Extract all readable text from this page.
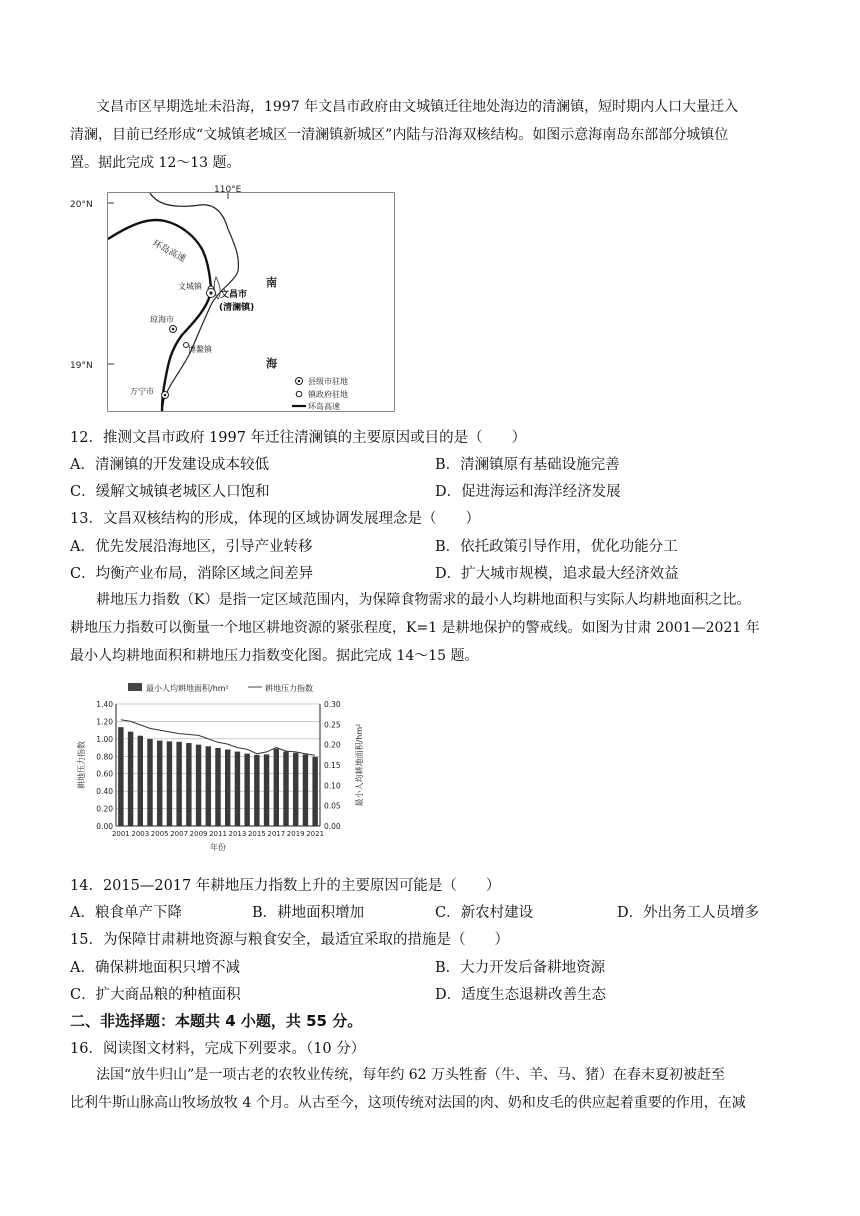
文昌市区早期选址未沿海，1997 年文昌市政府由文城镇迁往地处海边的清澜镇，短时期内人口大量迁入
清澜，目前已经形成“文城镇老城区一清澜镇新城区”内陆与沿海双核结构。如图示意海南岛东部部分城镇位
置。据此完成 12～13 题。
20°N
19°N
110°E
环岛高速
文城镇
文昌市
(清澜镇)
琼海市
博鳌镇
万宁市
南
海
县级市驻地
镇政府驻地
环岛高速
12．推测文昌市政府 1997 年迁往清澜镇的主要原因或目的是（　　）
A．清澜镇的开发建设成本较低	B．清澜镇原有基础设施完善
C．缓解文城镇老城区人口饱和	D．促进海运和海洋经济发展
13．文昌双核结构的形成，体现的区域协调发展理念是（　　）
A．优先发展沿海地区，引导产业转移	B．依托政策引导作用，优化功能分工
C．均衡产业布局，消除区域之间差异	D．扩大城市规模，追求最大经济效益
耕地压力指数（K）是指一定区域范围内，为保障食物需求的最小人均耕地面积与实际人均耕地面积之比。
耕地压力指数可以衡量一个地区耕地资源的紧张程度，K=1 是耕地保护的警戒线。如图为甘肃 2001—2021 年
最小人均耕地面积和耕地压力指数变化图。据此完成 14～15 题。
最小人均耕地面积/hm²	耕地压力指数
0.00
0.20
0.40
0.60
0.80
1.00
1.20
1.40
0.00
0.05
0.10
0.15
0.20
0.25
0.30
2001 2003 2005 2007 2009 2011 2013 2015 2017 2019 2021
年份
耕地压力指数	最小人均耕地面积/hm²
14．2015—2017 年耕地压力指数上升的主要原因可能是（　　）
A．粮食单产下降	B．耕地面积增加	C．新农村建设	D．外出务工人员增多
15．为保障甘肃耕地资源与粮食安全，最适宜采取的措施是（　　）
A．确保耕地面积只增不减	B．大力开发后备耕地资源
C．扩大商品粮的种植面积	D．适度生态退耕改善生态
二、非选择题：本题共 4 小题，共 55 分。
16．阅读图文材料，完成下列要求。（10 分）
法国“放牛归山”是一项古老的农牧业传统，每年约 62 万头牲畜（牛、羊、马、猪）在春末夏初被赶至
比利牛斯山脉高山牧场放牧 4 个月。从古至今，这项传统对法国的肉、奶和皮毛的供应起着重要的作用，在减
